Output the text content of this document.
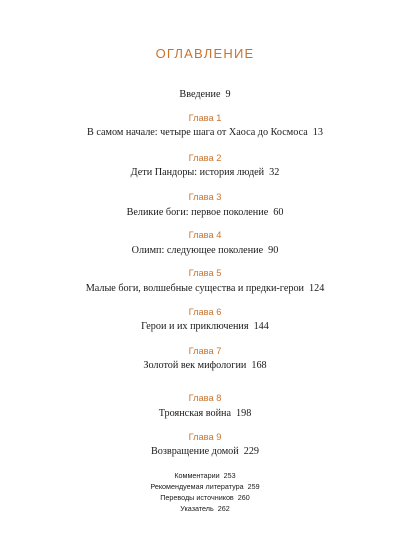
ОГЛАВЛЕНИЕ
Введение 9
Глава 1
В самом начале: четыре шага от Хаоса до Космоса 13
Глава 2
Дети Пандоры: история людей 32
Глава 3
Великие боги: первое поколение 60
Глава 4
Олимп: следующее поколение 90
Глава 5
Малые боги, волшебные существа и предки-герои 124
Глава 6
Герои и их приключения 144
Глава 7
Золотой век мифологии 168
Глава 8
Троянская война 198
Глава 9
Возвращение домой 229
Комментарии 253
Рекомендуемая литература 259
Переводы источников 260
Указатель 262
